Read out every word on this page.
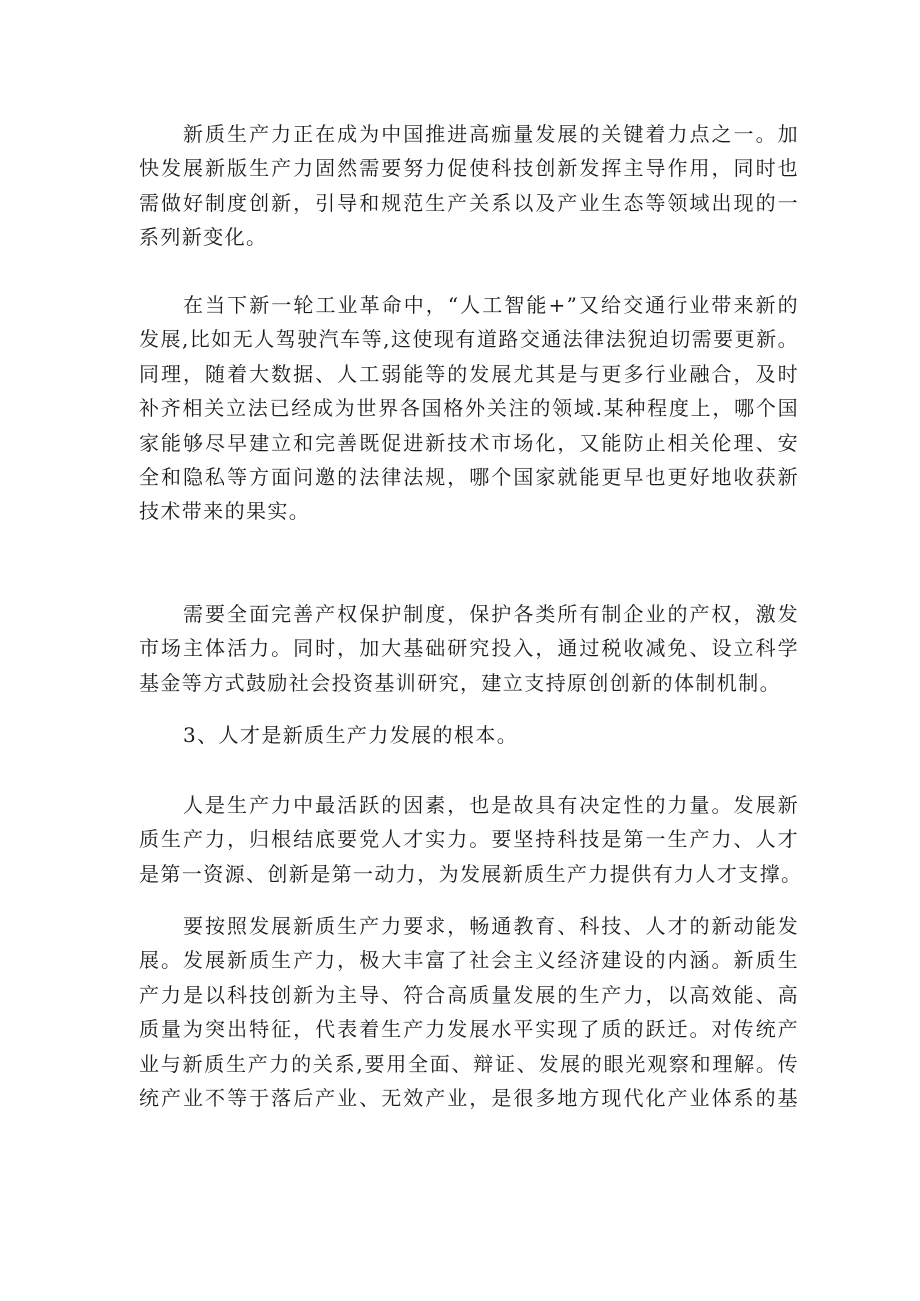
新质生产力正在成为中国推进高痂量发展的关键着力点之一。加
快发展新版生产力固然需要努力促使科技创新发挥主导作用，同时也
需做好制度创新，引导和规范生产关系以及产业生态等领域出现的一
系列新变化。
在当下新一轮工业革命中，“人工智能+”又给交通行业带来新的
发展,比如无人驾驶汽车等,这使现有道路交通法律法猊迫切需要更新。
同理，随着大数据、人工弱能等的发展尤其是与更多行业融合，及时
补齐相关立法已经成为世界各国格外关注的领域.某种程度上，哪个国
家能够尽早建立和完善既促进新技术市场化，又能防止相关伦理、安
全和隐私等方面问邀的法律法规，哪个国家就能更早也更好地收获新
技术带来的果实。
需要全面完善产权保护制度，保护各类所有制企业的产权，激发
市场主体活力。同时，加大基础研究投入，通过税收减免、设立科学
基金等方式鼓励社会投资基训研究，建立支持原创创新的体制机制。
3、人才是新质生产力发展的根本。
人是生产力中最活跃的因素，也是故具有决定性的力量。发展新
质生产力，归根结底要党人才实力。要坚持科技是第一生产力、人才
是第一资源、创新是第一动力，为发展新质生产力提供有力人才支撑。
要按照发展新质生产力要求，畅通教育、科技、人才的新动能发
展。发展新质生产力，极大丰富了社会主义经济建设的内涵。新质生
产力是以科技创新为主导、符合高质量发展的生产力，以高效能、高
质量为突出特征，代表着生产力发展水平实现了质的跃迁。对传统产
业与新质生产力的关系,要用全面、辩证、发展的眼光观察和理解。传
统产业不等于落后产业、无效产业，是很多地方现代化产业体系的基
